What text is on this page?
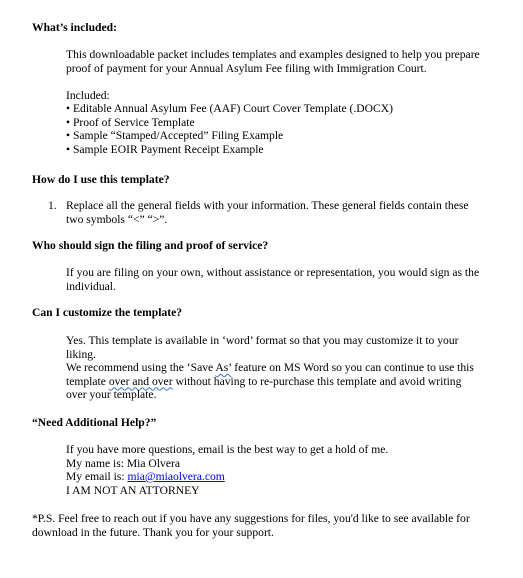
What’s included:
This downloadable packet includes templates and examples designed to help you prepare
proof of payment for your Annual Asylum Fee filing with Immigration Court.
Included:
• Editable Annual Asylum Fee (AAF) Court Cover Template (.DOCX)
• Proof of Service Template
• Sample “Stamped/Accepted” Filing Example
• Sample EOIR Payment Receipt Example
How do I use this template?
1. Replace all the general fields with your information. These general fields contain these
two symbols “<” “>”.
Who should sign the filing and proof of service?
If you are filing on your own, without assistance or representation, you would sign as the
individual.
Can I customize the template?
Yes. This template is available in ‘word’ format so that you may customize it to your
liking.
We recommend using the ‘Save As’ feature on MS Word so you can continue to use this
template over and over without having to re-purchase this template and avoid writing
over your template.
“Need Additional Help?”
If you have more questions, email is the best way to get a hold of me.
My name is: Mia Olvera
My email is: mia@miaolvera.com
I AM NOT AN ATTORNEY
*P.S. Feel free to reach out if you have any suggestions for files, you'd like to see available for
download in the future. Thank you for your support.
